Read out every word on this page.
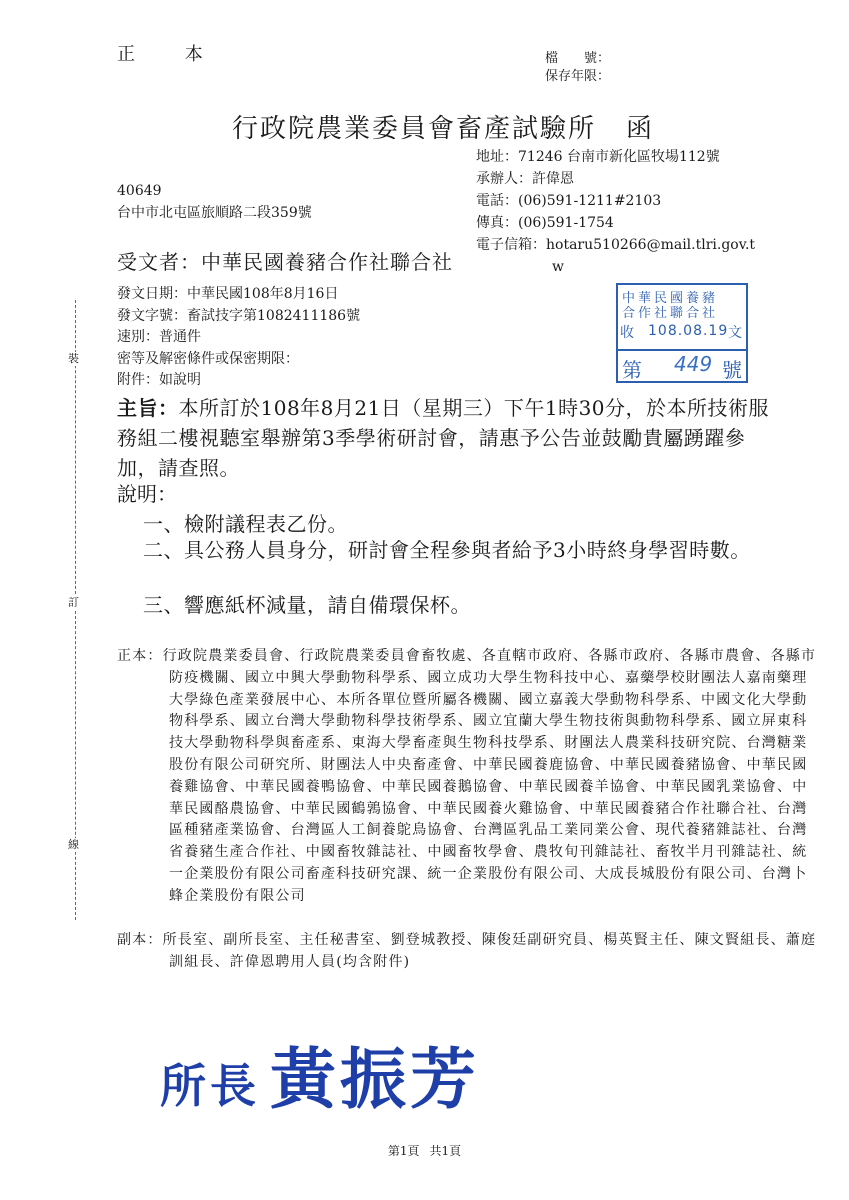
裝
訂
線
正 本	檔　　號：
保存年限：
行政院農業委員會畜產試驗所 函
地址：71246 台南市新化區牧場112號
承辦人：許偉恩
電話：(06)591-1211#2103
傳真：(06)591-1754
電子信箱：hotaru510266@mail.tlri.gov.t
w
40649
台中市北屯區旅順路二段359號
受文者：中華民國養豬合作社聯合社
發文日期：中華民國108年8月16日
發文字號：畜試技字第1082411186號
速別：普通件
密等及解密條件或保密期限：
附件：如說明
中華民國養豬
合作社聯合社
收 108.08.19 文
第 449 號
主旨：本所訂於108年8月21日（星期三）下午1時30分，於本所技術服務組二樓視聽室舉辦第3季學術研討會，請惠予公告並鼓勵貴屬踴躍參加，請查照。
說明：
一、檢附議程表乙份。
二、具公務人員身分，研討會全程參與者給予3小時終身學習時數。
三、響應紙杯減量，請自備環保杯。
正本：行政院農業委員會、行政院農業委員會畜牧處、各直轄市政府、各縣市政府、各縣市農會、各縣市防疫機關、國立中興大學動物科學系、國立成功大學生物科技中心、嘉藥學校財團法人嘉南藥理大學綠色產業發展中心、本所各單位暨所屬各機關、國立嘉義大學動物科學系、中國文化大學動物科學系、國立台灣大學動物科學技術學系、國立宜蘭大學生物技術與動物科學系、國立屏東科技大學動物科學與畜產系、東海大學畜產與生物科技學系、財團法人農業科技研究院、台灣糖業股份有限公司研究所、財團法人中央畜產會、中華民國養鹿協會、中華民國養豬協會、中華民國養雞協會、中華民國養鴨協會、中華民國養鵝協會、中華民國養羊協會、中華民國乳業協會、中華民國酪農協會、中華民國鶴鶉協會、中華民國養火雞協會、中華民國養豬合作社聯合社、台灣區種豬產業協會、台灣區人工飼養鴕鳥協會、台灣區乳品工業同業公會、現代養豬雜誌社、台灣省養豬生產合作社、中國畜牧雜誌社、中國畜牧學會、農牧旬刊雜誌社、畜牧半月刊雜誌社、統一企業股份有限公司畜產科技研究課、統一企業股份有限公司、大成長城股份有限公司、台灣卜蜂企業股份有限公司
副本：所長室、副所長室、主任秘書室、劉登城教授、陳俊廷副研究員、楊英賢主任、陳文賢組長、蕭庭訓組長、許偉恩聘用人員(均含附件)
所長 黃振芳
第1頁 共1頁
